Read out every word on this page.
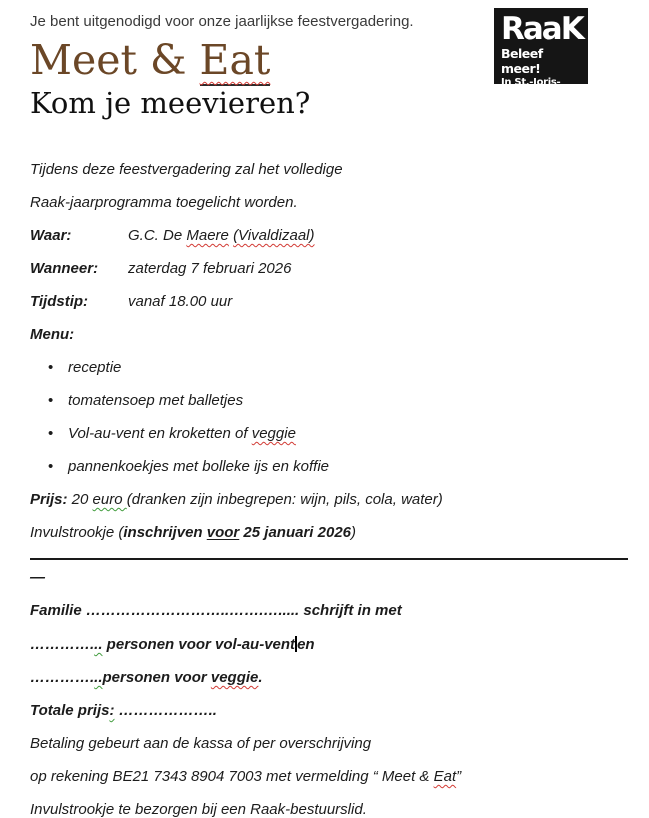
Je bent uitgenodigd voor onze jaarlijkse feestvergadering.

Meet & Eat
Kom je meevieren?
RaaK
Beleef meer!
In St.-Joris-Winge

Tijdens deze feestvergadering zal het volledige

Raak-jaarprogramma toegelicht worden.

Waar:	G.C. De Maere (Vivaldizaal)

Wanneer: zaterdag 7 februari 2026

Tijdstip:	vanaf 18.00 uur

Menu:

• receptie
• tomatensoep met balletjes
• Vol-au-vent en kroketten of veggie
• pannenkoekjes met bolleke ijs en koffie

Prijs: 20 euro (dranken zijn inbegrepen: wijn, pils, cola, water)

Invulstrookje (inschrijven voor 25 januari 2026)

—

Familie ………………………..…….…..... schrijft in met

…………... personen voor vol-au-vent en

…………...personen voor veggie.

Totale prijs: ………………..

Betaling gebeurt aan de kassa of per overschrijving

op rekening BE21 7343 8904 7003 met vermelding “ Meet & Eat”

Invulstrookje te bezorgen bij een Raak-bestuurslid.
